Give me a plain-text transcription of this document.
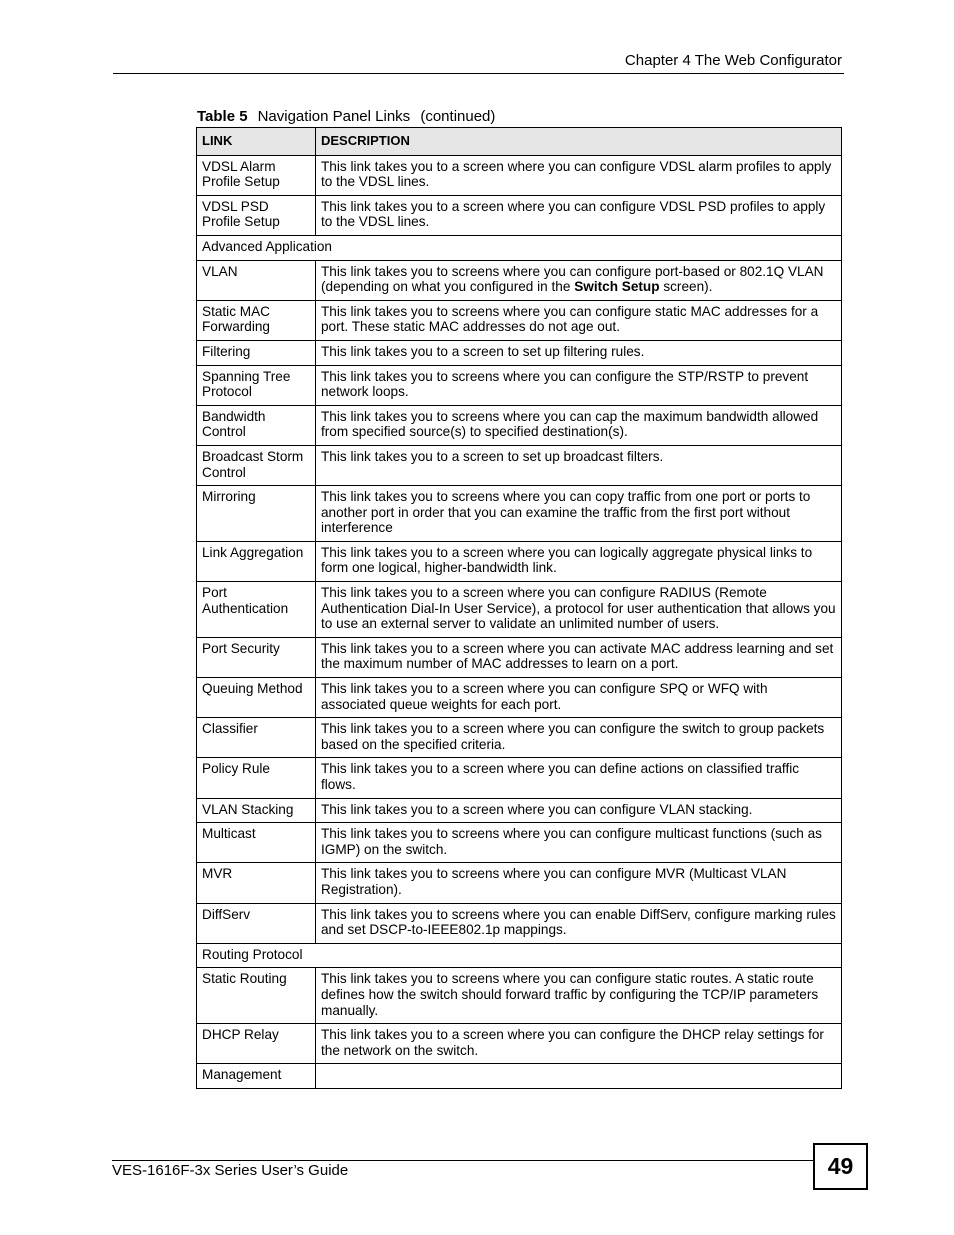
Chapter 4 The Web Configurator
Table 5 Navigation Panel Links (continued)
LINK	DESCRIPTION
VDSL Alarm Profile Setup	This link takes you to a screen where you can configure VDSL alarm profiles to apply to the VDSL lines.
VDSL PSD Profile Setup	This link takes you to a screen where you can configure VDSL PSD profiles to apply to the VDSL lines.
Advanced Application	
VLAN	This link takes you to screens where you can configure port-based or 802.1Q VLAN (depending on what you configured in the Switch Setup screen).
Static MAC Forwarding	This link takes you to screens where you can configure static MAC addresses for a port. These static MAC addresses do not age out.
Filtering	This link takes you to a screen to set up filtering rules.
Spanning Tree Protocol	This link takes you to screens where you can configure the STP/RSTP to prevent network loops.
Bandwidth Control	This link takes you to screens where you can cap the maximum bandwidth allowed from specified source(s) to specified destination(s).
Broadcast Storm Control	This link takes you to a screen to set up broadcast filters.
Mirroring	This link takes you to screens where you can copy traffic from one port or ports to another port in order that you can examine the traffic from the first port without interference
Link Aggregation	This link takes you to a screen where you can logically aggregate physical links to form one logical, higher-bandwidth link.
Port Authentication	This link takes you to a screen where you can configure RADIUS (Remote Authentication Dial-In User Service), a protocol for user authentication that allows you to use an external server to validate an unlimited number of users.
Port Security	This link takes you to a screen where you can activate MAC address learning and set the maximum number of MAC addresses to learn on a port.
Queuing Method	This link takes you to a screen where you can configure SPQ or WFQ with associated queue weights for each port.
Classifier	This link takes you to a screen where you can configure the switch to group packets based on the specified criteria.
Policy Rule	This link takes you to a screen where you can define actions on classified traffic flows.
VLAN Stacking	This link takes you to a screen where you can configure VLAN stacking.
Multicast	This link takes you to screens where you can configure multicast functions (such as IGMP) on the switch.
MVR	This link takes you to screens where you can configure MVR (Multicast VLAN Registration).
DiffServ	This link takes you to screens where you can enable DiffServ, configure marking rules and set DSCP-to-IEEE802.1p mappings.
Routing Protocol	
Static Routing	This link takes you to screens where you can configure static routes. A static route defines how the switch should forward traffic by configuring the TCP/IP parameters manually.
DHCP Relay	This link takes you to a screen where you can configure the DHCP relay settings for the network on the switch.
Management	
VES-1616F-3x Series User’s Guide	49
